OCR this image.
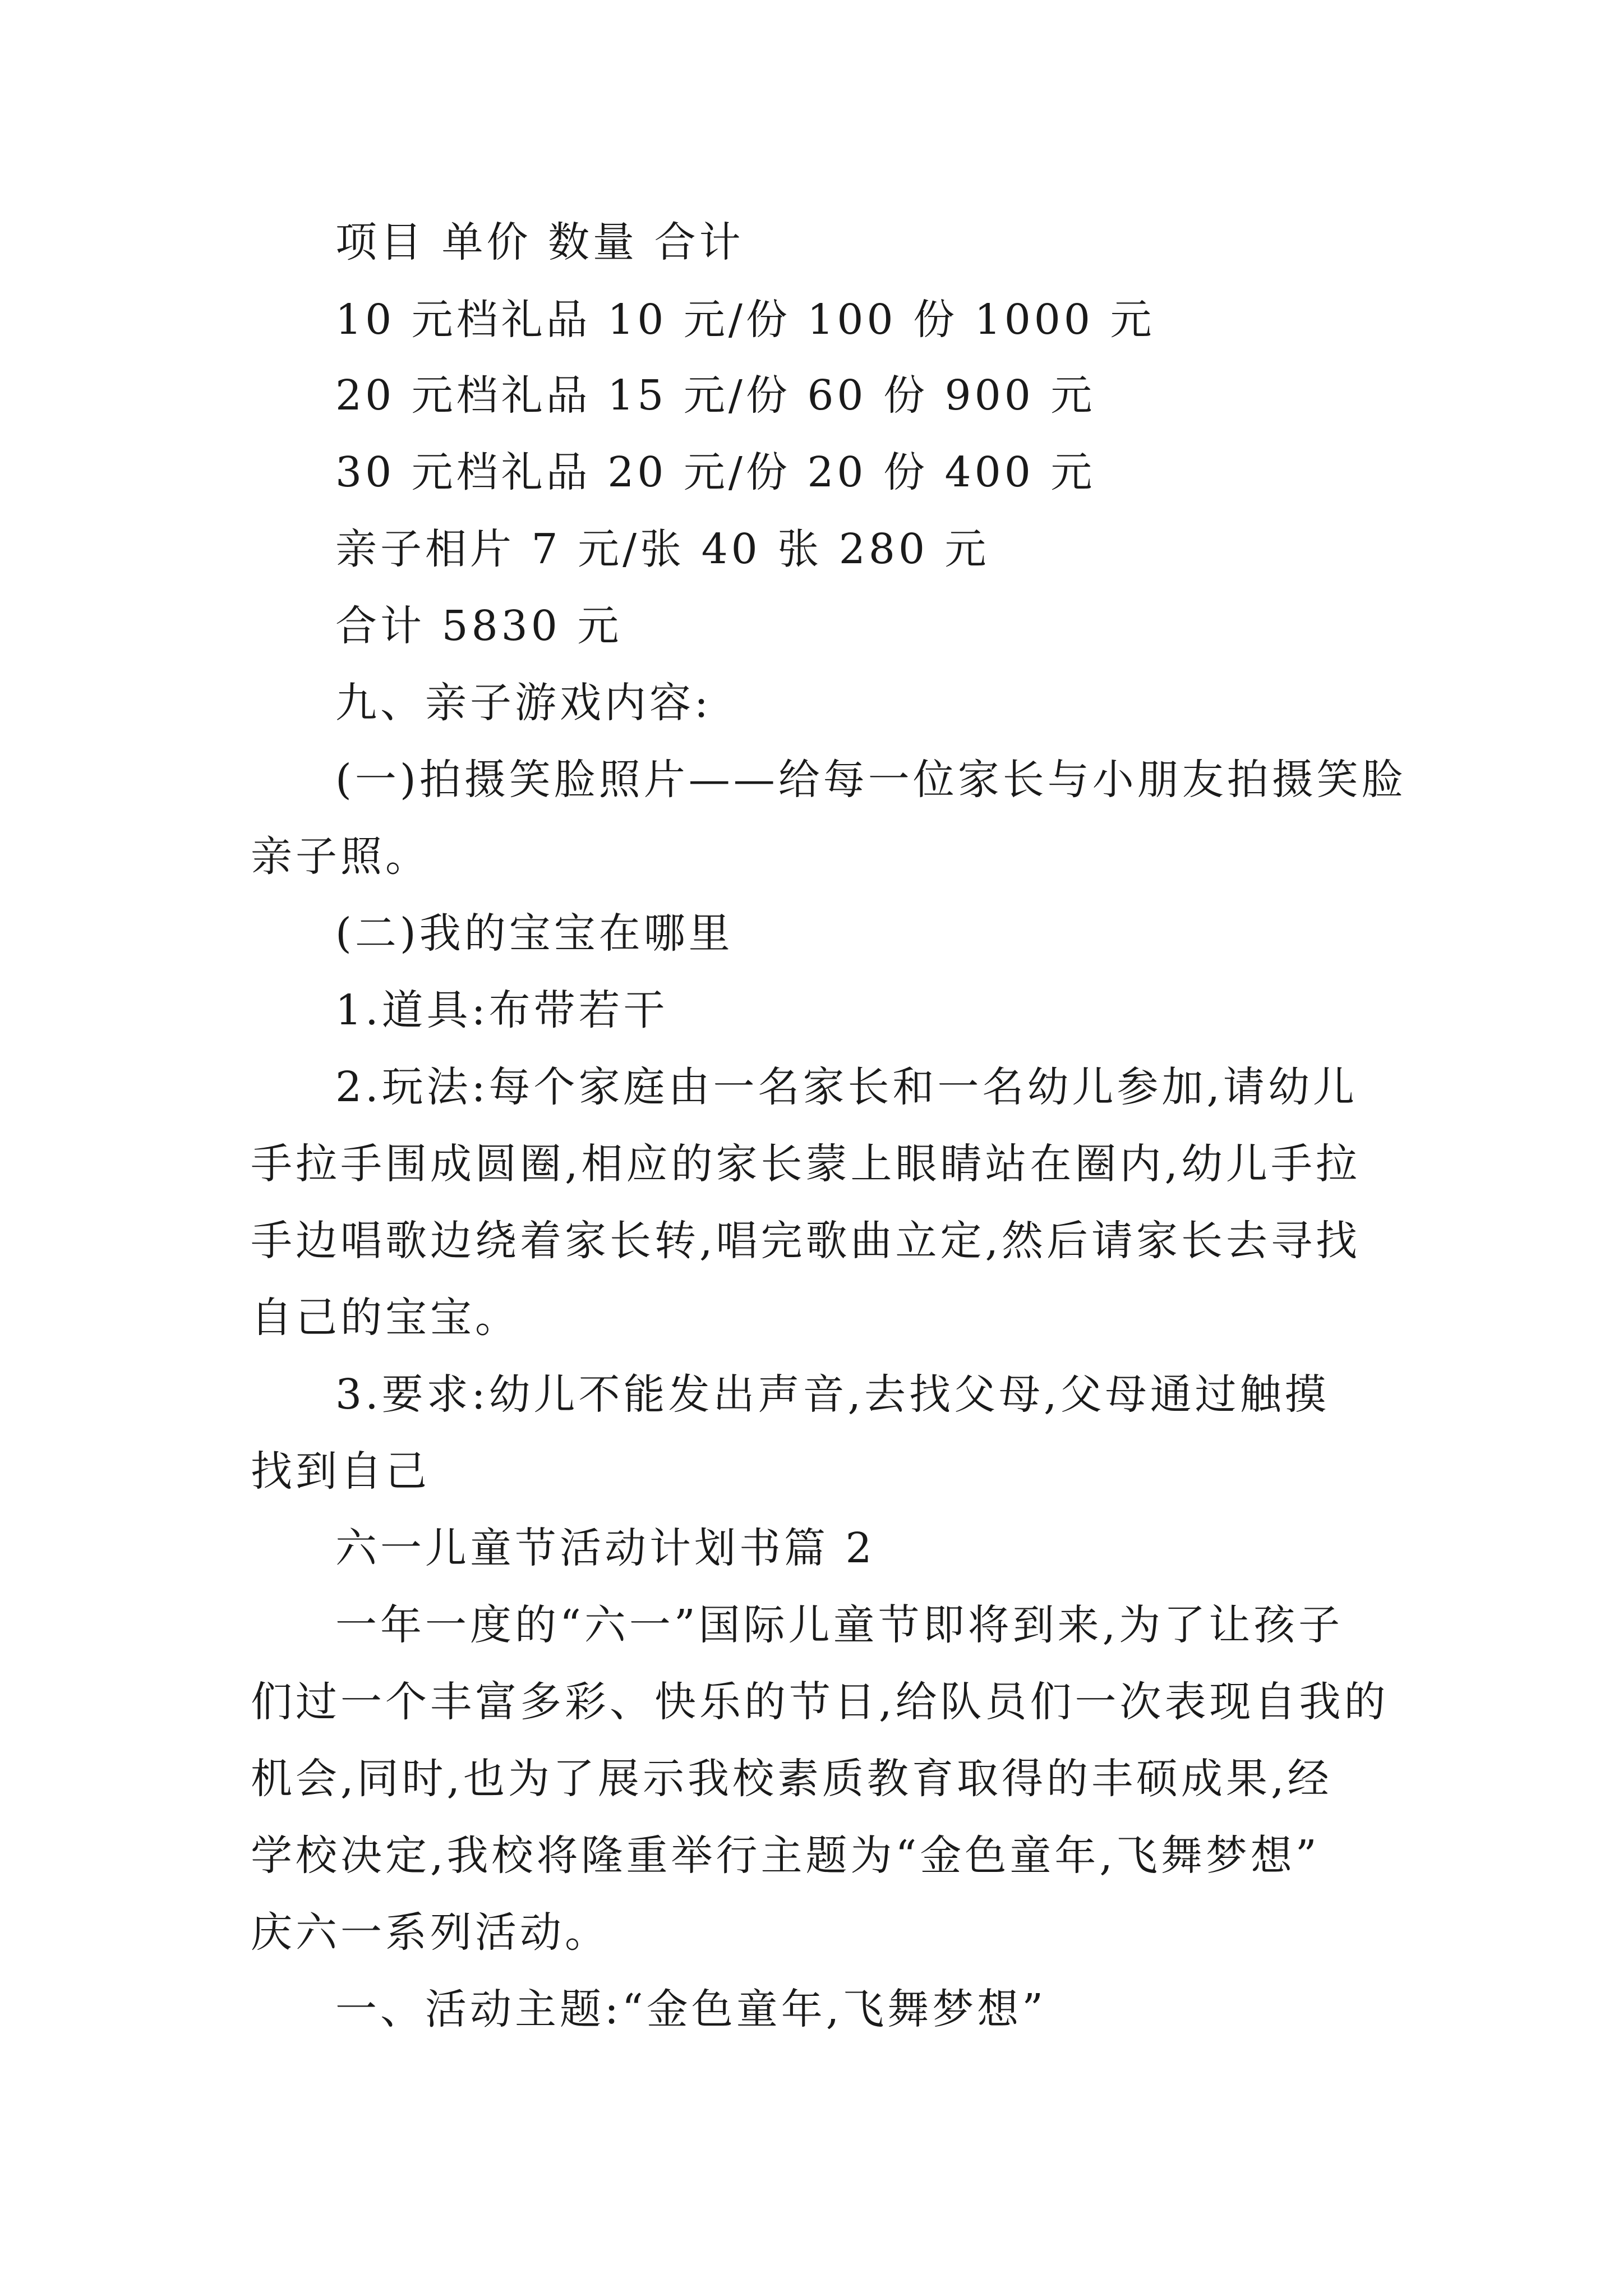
项目 单价 数量 合计
10 元档礼品 10 元/份 100 份 1000 元
20 元档礼品 15 元/份 60 份 900 元
30 元档礼品 20 元/份 20 份 400 元
亲子相片 7 元/张 40 张 280 元
合计 5830 元
九、亲子游戏内容:
(一)拍摄笑脸照片——给每一位家长与小朋友拍摄笑脸
亲子照。
(二)我的宝宝在哪里
1.道具:布带若干
2.玩法:每个家庭由一名家长和一名幼儿参加,请幼儿
手拉手围成圆圈,相应的家长蒙上眼睛站在圈内,幼儿手拉
手边唱歌边绕着家长转,唱完歌曲立定,然后请家长去寻找
自己的宝宝。
3.要求:幼儿不能发出声音,去找父母,父母通过触摸
找到自己
六一儿童节活动计划书篇 2
一年一度的“六一”国际儿童节即将到来,为了让孩子
们过一个丰富多彩、快乐的节日,给队员们一次表现自我的
机会,同时,也为了展示我校素质教育取得的丰硕成果,经
学校决定,我校将隆重举行主题为“金色童年,飞舞梦想”
庆六一系列活动。
一、活动主题:“金色童年,飞舞梦想”
